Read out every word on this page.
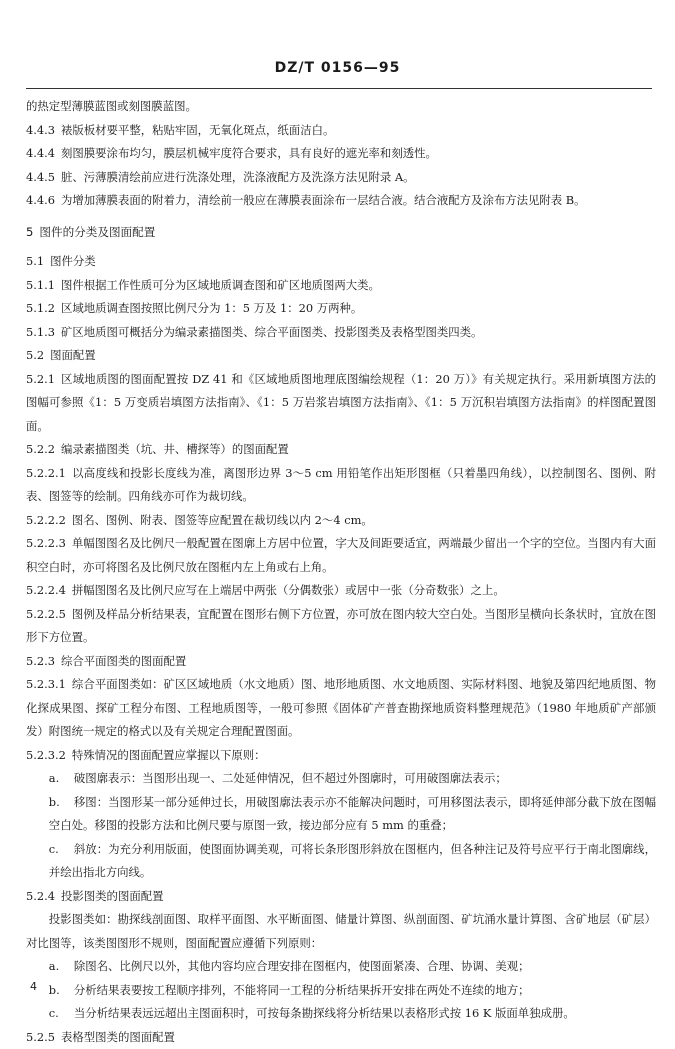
DZ/T 0156—95

的热定型薄膜蓝图或刻图膜蓝图。

4.4.3 裱版板材要平整，粘贴牢固，无氧化斑点，纸面洁白。

4.4.4 刻图膜要涂布均匀，膜层机械牢度符合要求，具有良好的遮光率和刻透性。

4.4.5 脏、污薄膜清绘前应进行洗涤处理，洗涤液配方及洗涤方法见附录 A。

4.4.6 为增加薄膜表面的附着力，清绘前一般应在薄膜表面涂布一层结合液。结合液配方及涂布方法见附表 B。

5 图件的分类及图面配置

5.1 图件分类

5.1.1 图件根据工作性质可分为区域地质调查图和矿区地质图两大类。

5.1.2 区域地质调查图按照比例尺分为 1：5 万及 1：20 万两种。

5.1.3 矿区地质图可概括分为编录素描图类、综合平面图类、投影图类及表格型图类四类。

5.2 图面配置

5.2.1 区域地质图的图面配置按 DZ 41 和《区域地质图地理底图编绘规程（1：20 万）》有关规定执行。采用新填图方法的图幅可参照《1：5 万变质岩填图方法指南》、《1：5 万岩浆岩填图方法指南》、《1：5 万沉积岩填图方法指南》的样图配置图面。

5.2.2 编录素描图类（坑、井、槽探等）的图面配置

5.2.2.1 以高度线和投影长度线为准，离图形边界 3～5 cm 用铅笔作出矩形图框（只着墨四角线），以控制图名、图例、附表、图签等的绘制。四角线亦可作为裁切线。

5.2.2.2 图名、图例、附表、图签等应配置在裁切线以内 2～4 cm。

5.2.2.3 单幅图图名及比例尺一般配置在图廓上方居中位置，字大及间距要适宜，两端最少留出一个字的空位。当图内有大面积空白时，亦可将图名及比例尺放在图框内左上角或右上角。

5.2.2.4 拼幅图图名及比例尺应写在上端居中两张（分偶数张）或居中一张（分奇数张）之上。

5.2.2.5 图例及样品分析结果表，宜配置在图形右侧下方位置，亦可放在图内较大空白处。当图形呈横向长条状时，宜放在图形下方位置。

5.2.3 综合平面图类的图面配置

5.2.3.1 综合平面图类如：矿区区域地质（水文地质）图、地形地质图、水文地质图、实际材料图、地貌及第四纪地质图、物化探成果图、探矿工程分布图、工程地质图等，一般可参照《固体矿产普查勘探地质资料整理规范》（1980 年地质矿产部颁发）附图统一规定的格式以及有关规定合理配置图面。

5.2.3.2 特殊情况的图面配置应掌握以下原则：

a. 破图廓表示：当图形出现一、二处延伸情况，但不超过外图廓时，可用破图廓法表示；

b. 移图：当图形某一部分延伸过长，用破图廓法表示亦不能解决问题时，可用移图法表示，即将延伸部分截下放在图幅空白处。移图的投影方法和比例尺要与原图一致，接边部分应有 5 mm 的重叠；

c. 斜放：为充分利用版面，使图面协调美观，可将长条形图形斜放在图框内，但各种注记及符号应平行于南北图廓线，并绘出指北方向线。

5.2.4 投影图类的图面配置

投影图类如：勘探线剖面图、取样平面图、水平断面图、储量计算图、纵剖面图、矿坑涌水量计算图、含矿地层（矿层）对比图等，该类图图形不规则，图面配置应遵循下列原则：

a. 除图名、比例尺以外，其他内容均应合理安排在图框内，使图面紧凑、合理、协调、美观；

b. 分析结果表要按工程顺序排列，不能将同一工程的分析结果拆开安排在两处不连续的地方；

c. 当分析结果表远远超出主图面积时，可按每条勘探线将分析结果以表格形式按 16 K 版面单独成册。

5.2.5 表格型图类的图面配置

4
